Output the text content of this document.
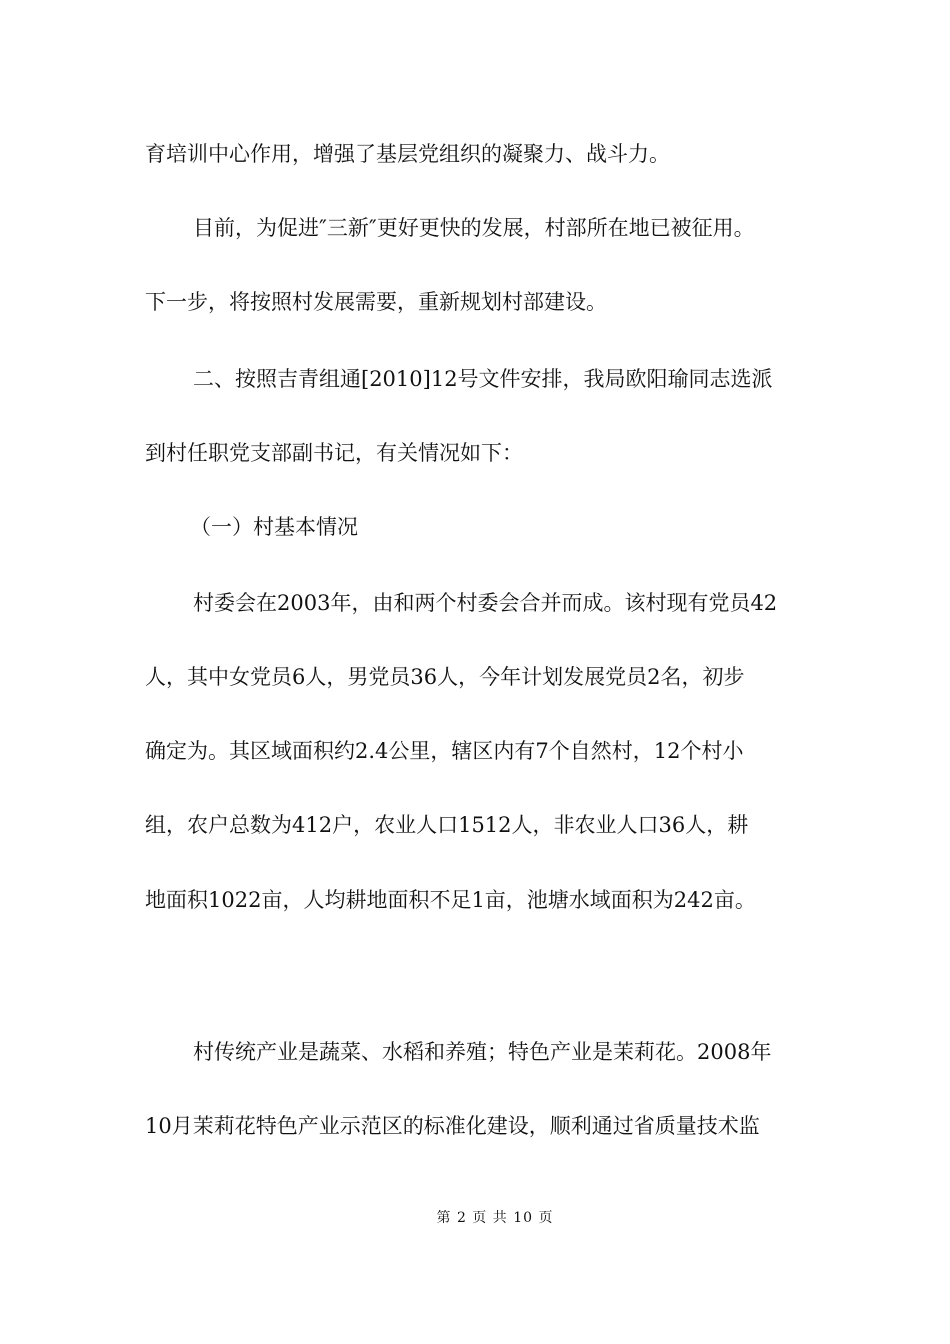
育培训中心作用，增强了基层党组织的凝聚力、战斗力。
目前，为促进″三新″更好更快的发展，村部所在地已被征用。
下一步，将按照村发展需要，重新规划村部建设。
二、按照吉青组通[2010]12号文件安排，我局欧阳瑜同志选派
到村任职党支部副书记，有关情况如下：
（一）村基本情况
村委会在2003年，由和两个村委会合并而成。该村现有党员42
人，其中女党员6人，男党员36人，今年计划发展党员2名，初步
确定为。其区域面积约2.4公里，辖区内有7个自然村，12个村小
组，农户总数为412户，农业人口1512人，非农业人口36人，耕
地面积1022亩，人均耕地面积不足1亩，池塘水域面积为242亩。
村传统产业是蔬菜、水稻和养殖；特色产业是茉莉花。2008年
10月茉莉花特色产业示范区的标准化建设，顺利通过省质量技术监
第 2 页 共 10 页
